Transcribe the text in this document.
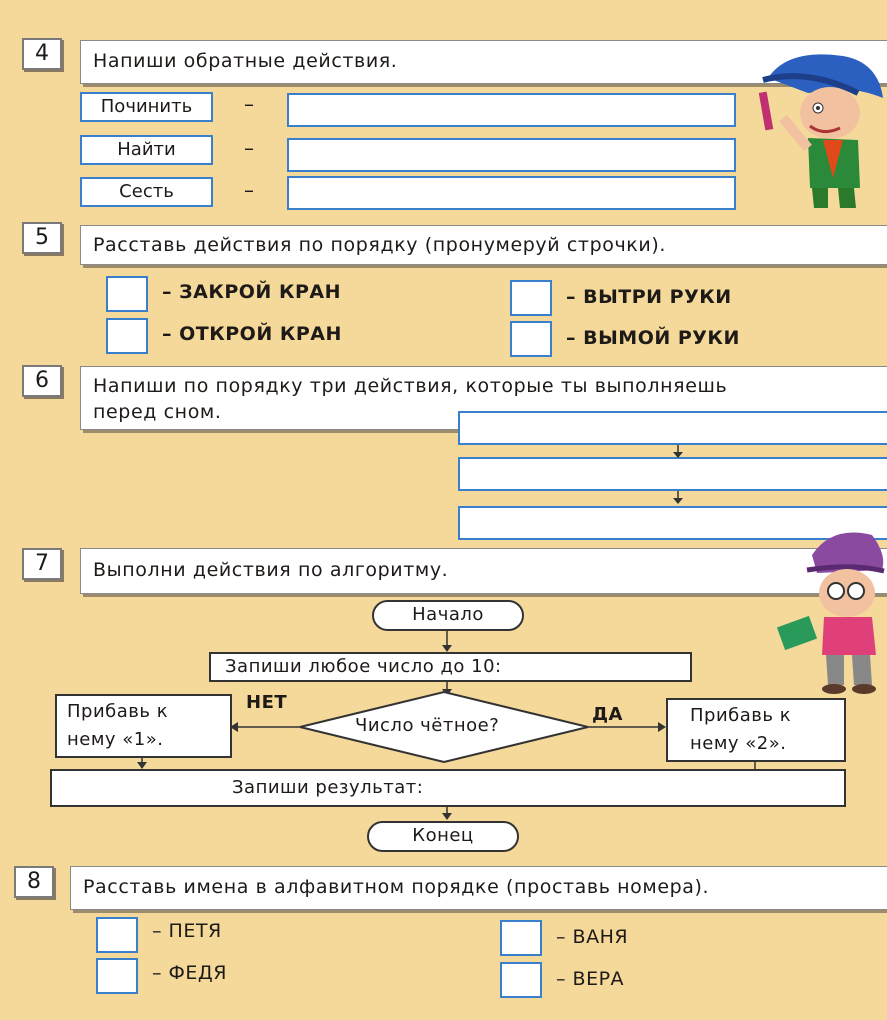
4	Напиши обратные действия.
Починить	–
Найти	–
Сесть	–
5	Расставь действия по порядку (пронумеруй строчки).
– ЗАКРОЙ КРАН
– ОТКРОЙ КРАН
– ВЫТРИ РУКИ
– ВЫМОЙ РУКИ
6	Напиши по порядку три действия, которые ты выполняешь
перед сном.
7	Выполни действия по алгоритму.
Начало
Запиши любое число до 10:
Число чётное?
НЕТ
ДА
Прибавь к
нему «1».
Прибавь к
нему «2».
Запиши результат:
Конец
8	Расставь имена в алфавитном порядке (проставь номера).
– ПЕТЯ
– ФЕДЯ
– ВАНЯ
– ВЕРА
